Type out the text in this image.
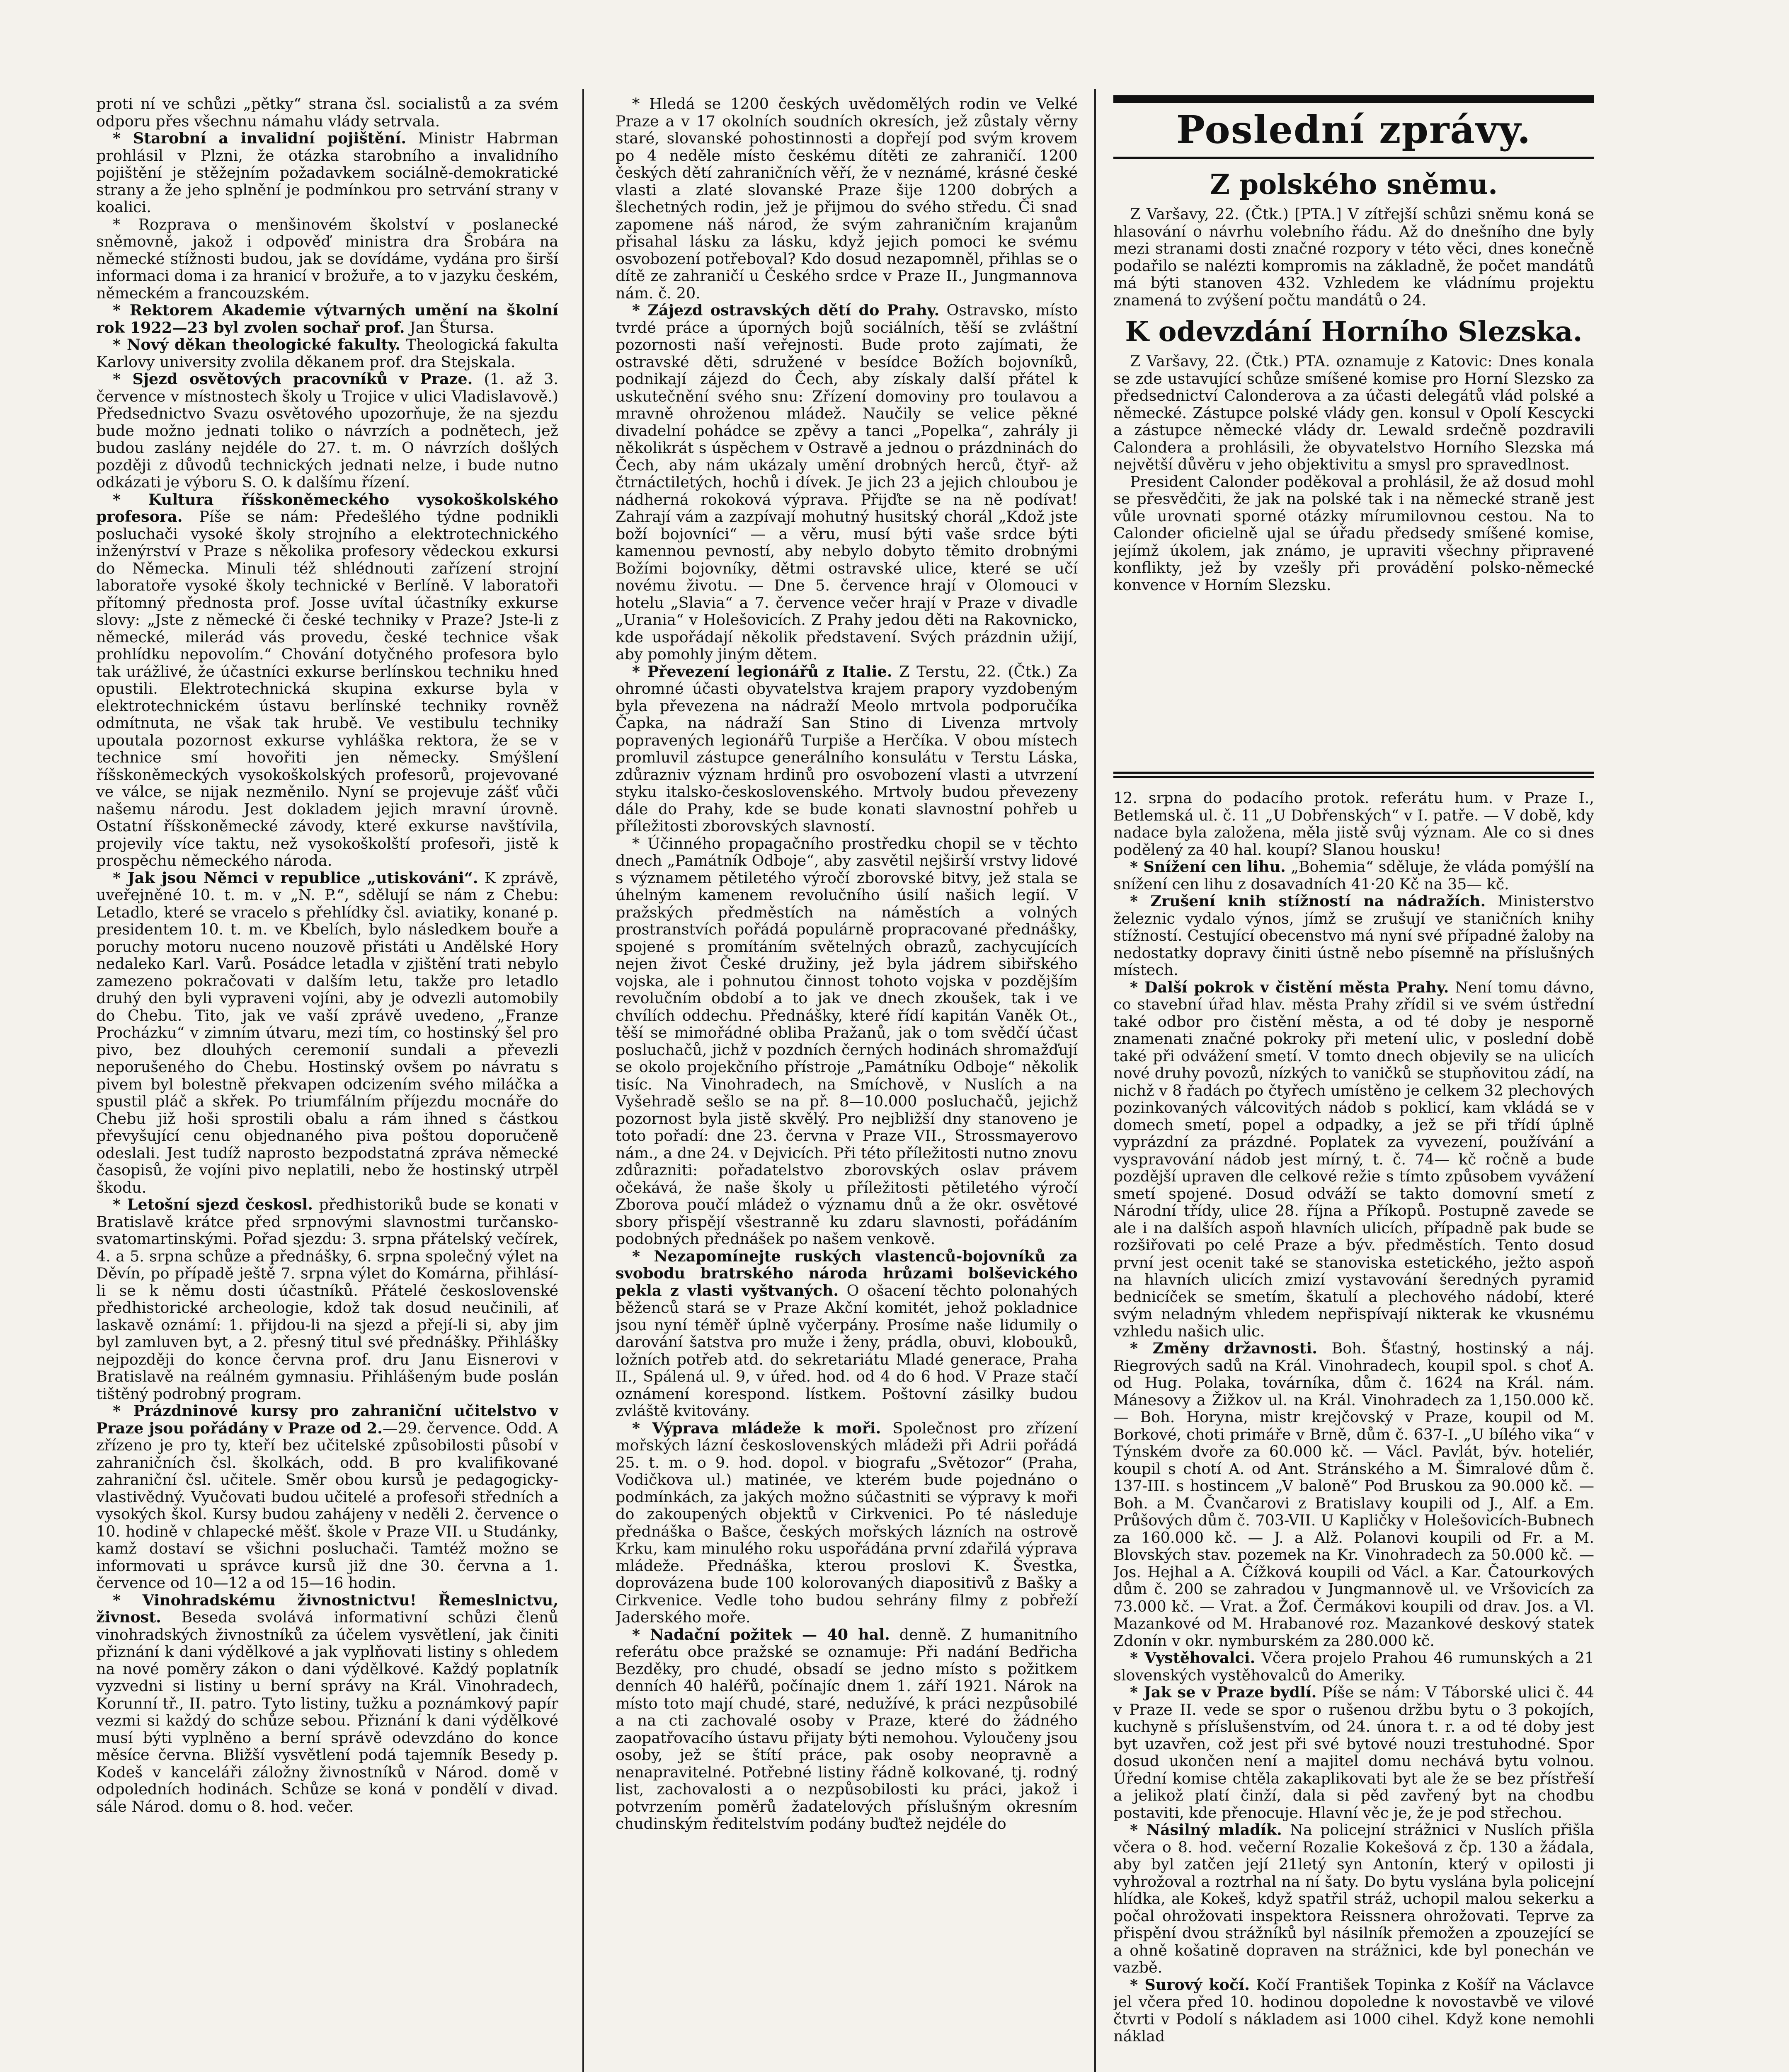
proti ní ve schůzi „pětky“ strana čsl. socialistů a za svém odporu přes všechnu námahu vlády setrvala.

* Starobní a invalidní pojištění. Ministr Habrman prohlásil v Plzni, že otázka starobního a invalidního pojištění je stěžejním požadavkem sociálně-demokratické strany a že jeho splnění je podmínkou pro setrvání strany v koalici.

* Rozprava o menšinovém školství v poslanecké sněmovně, jakož i odpověď ministra dra Šrobára na německé stížnosti budou, jak se dovídáme, vydána pro širší informaci doma i za hranicí v brožuře, a to v jazyku českém, německém a francouzském.

* Rektorem Akademie výtvarných umění na školní rok 1922—23 byl zvolen sochař prof. Jan Štursa.

* Nový děkan theologické fakulty. Theologická fakulta Karlovy university zvolila děkanem prof. dra Stejskala.

* Sjezd osvětových pracovníků v Praze. (1. až 3. července v místnostech školy u Trojice v ulici Vladislavově.) Předsednictvo Svazu osvětového upozorňuje, že na sjezdu bude možno jednati toliko o návrzích a podnětech, jež budou zaslány nejdéle do 27. t. m. O návrzích došlých později z důvodů technických jednati nelze, i bude nutno odkázati je výboru S. O. k dalšímu řízení.

* Kultura říšskoněmeckého vysokoškolského profesora. Píše se nám: Předešlého týdne podnikli posluchači vysoké školy strojního a elektrotechnického inženýrství v Praze s několika profesory vědeckou exkursi do Německa. Minuli též shlédnouti zařízení strojní laboratoře vysoké školy technické v Berlíně. V laboratoři přítomný přednosta prof. Josse uvítal účastníky exkurse slovy: „Jste z německé či české techniky v Praze? Jste-li z německé, milerád vás provedu, české technice však prohlídku nepovolím.“ Chování dotyčného profesora bylo tak urážlivé, že účastníci exkurse berlínskou techniku hned opustili. Elektrotechnická skupina exkurse byla v elektrotechnickém ústavu berlínské techniky rovněž odmítnuta, ne však tak hrubě. Ve vestibulu techniky upoutala pozornost exkurse vyhláška rektora, že se v technice smí hovořiti jen německy. Smýšlení říšskoněmeckých vysokoškolských profesorů, projevované ve válce, se nijak nezměnilo. Nyní se projevuje zášť vůči našemu národu. Jest dokladem jejich mravní úrovně. Ostatní říšskoněmecké závody, které exkurse navštívila, projevily více taktu, než vysokoškolští profesoři, jistě k prospěchu německého národa.

* Jak jsou Němci v republice „utiskováni“. K zprávě, uveřejněné 10. t. m. v „N. P.“, sdělují se nám z Chebu: Letadlo, které se vracelo s přehlídky čsl. aviatiky, konané p. presidentem 10. t. m. ve Kbelích, bylo následkem bouře a poruchy motoru nuceno nouzově přistáti u Andělské Hory nedaleko Karl. Varů. Posádce letadla v zjištění trati nebylo zamezeno pokračovati v dalším letu, takže pro letadlo druhý den byli vypraveni vojíni, aby je odvezli automobily do Chebu. Tito, jak ve vaší zprávě uvedeno, „Franze Procházku“ v zimním útvaru, mezi tím, co hostinský šel pro pivo, bez dlouhých ceremonií sundali a převezli neporušeného do Chebu. Hostinský ovšem po návratu s pivem byl bolestně překvapen odcizením svého miláčka a spustil pláč a skřek. Po triumfálním příjezdu mocnáře do Chebu již hoši sprostili obalu a rám ihned s částkou převyšující cenu objednaného piva poštou doporučeně odeslali. Jest tudíž naprosto bezpodstatná zpráva německé časopisů, že vojíni pivo neplatili, nebo že hostinský utrpěl škodu.

* Letošní sjezd českosl. předhistoriků bude se konati v Bratislavě krátce před srpnovými slavnostmi turčansko-svatomartinskými. Pořad sjezdu: 3. srpna přátelský večírek, 4. a 5. srpna schůze a přednášky, 6. srpna společný výlet na Děvín, po případě ještě 7. srpna výlet do Komárna, přihlásí-li se k němu dosti účastníků. Přátelé československé předhistorické archeologie, kdož tak dosud neučinili, ať laskavě oznámí: 1. přijdou-li na sjezd a přejí-li si, aby jim byl zamluven byt, a 2. přesný titul své přednášky. Přihlášky nejpozději do konce června prof. dru Janu Eisnerovi v Bratislavě na reálném gymnasiu. Přihlášeným bude poslán tištěný podrobný program.

* Prázdninové kursy pro zahraniční učitelstvo v Praze jsou pořádány v Praze od 2.—29. července. Odd. A zřízeno je pro ty, kteří bez učitelské způsobilosti působí v zahraničních čsl. školkách, odd. B pro kvalifikované zahraniční čsl. učitele. Směr obou kursů je pedagogicky-vlastivědný. Vyučovati budou učitelé a profesoři středních a vysokých škol. Kursy budou zahájeny v neděli 2. července o 10. hodině v chlapecké měšť. škole v Praze VII. u Studánky, kamž dostaví se všichni posluchači. Tamtéž možno se informovati u správce kursů již dne 30. června a 1. července od 10—12 a od 15—16 hodin.

* Vinohradskému živnostnictvu! Řemeslnictvu, živnost. Beseda svolává informativní schůzi členů vinohradských živnostníků za účelem vysvětlení, jak činiti přiznání k dani výdělkové a jak vyplňovati listiny s ohledem na nové poměry zákon o dani výdělkové. Každý poplatník vyzvedni si listiny u berní správy na Král. Vinohradech, Korunní tř., II. patro. Tyto listiny, tužku a poznámkový papír vezmi si každý do schůze sebou. Přiznání k dani výdělkové musí býti vyplněno a berní správě odevzdáno do konce měsíce června. Bližší vysvětlení podá tajemník Besedy p. Kodeš v kanceláři záložny živnostníků v Národ. domě v odpoledních hodinách. Schůze se koná v pondělí v divad. sále Národ. domu o 8. hod. večer.

* Hledá se 1200 českých uvědomělých rodin ve Velké Praze a v 17 okolních soudních okresích, jež zůstaly věrny staré, slovanské pohostinnosti a dopřejí pod svým krovem po 4 neděle místo českému dítěti ze zahraničí. 1200 českých dětí zahraničních věří, že v neznámé, krásné české vlasti a zlaté slovanské Praze šije 1200 dobrých a šlechetných rodin, jež je přijmou do svého středu. Či snad zapomene náš národ, že svým zahraničním krajanům přisahal lásku za lásku, když jejich pomoci ke svému osvobození potřeboval? Kdo dosud nezapomněl, přihlas se o dítě ze zahraničí u Českého srdce v Praze II., Jungmannova nám. č. 20.

* Zájezd ostravských dětí do Prahy. Ostravsko, místo tvrdé práce a úporných bojů sociálních, těší se zvláštní pozornosti naší veřejnosti. Bude proto zajímati, že ostravské děti, sdružené v besídce Božích bojovníků, podnikají zájezd do Čech, aby získaly další přátel k uskutečnění svého snu: Zřízení domoviny pro toulavou a mravně ohroženou mládež. Naučily se velice pěkné divadelní pohádce se zpěvy a tanci „Popelka“, zahrály ji několikrát s úspěchem v Ostravě a jednou o prázdninách do Čech, aby nám ukázaly umění drobných herců, čtyř- až čtrnáctiletých, hochů i dívek. Je jich 23 a jejich chloubou je nádherná rokoková výprava. Přijďte se na ně podívat! Zahrají vám a zazpívají mohutný husitský chorál „Kdož jste boží bojovníci“ — a věru, musí býti vaše srdce býti kamennou pevností, aby nebylo dobyto těmito drobnými Božími bojovníky, dětmi ostravské ulice, které se učí novému životu. — Dne 5. července hrají v Olomouci v hotelu „Slavia“ a 7. července večer hrají v Praze v divadle „Urania“ v Holešovicích. Z Prahy jedou děti na Rakovnicko, kde uspořádají několik představení. Svých prázdnin užijí, aby pomohly jiným dětem.

* Převezení legionářů z Italie. Z Terstu, 22. (Čtk.) Za ohromné účasti obyvatelstva krajem prapory vyzdobeným byla převezena na nádraží Meolo mrtvola podporučíka Čapka, na nádraží San Stino di Livenza mrtvoly popravených legionářů Turpiše a Herčíka. V obou místech promluvil zástupce generálního konsulátu v Terstu Láska, zdůrazniv význam hrdinů pro osvobození vlasti a utvrzení styku italsko-československého. Mrtvoly budou převezeny dále do Prahy, kde se bude konati slavnostní pohřeb u příležitosti zborovských slavností.

* Účinného propagačního prostředku chopil se v těchto dnech „Památník Odboje“, aby zasvětil nejširší vrstvy lidové s významem pětiletého výročí zborovské bitvy, jež stala se úhelným kamenem revolučního úsilí našich legií. V pražských předměstích na náměstích a volných prostranstvích pořádá populárně propracované přednášky, spojené s promítáním světelných obrazů, zachycujících nejen život České družiny, jež byla jádrem sibiřského vojska, ale i pohnutou činnost tohoto vojska v pozdějším revolučním období a to jak ve dnech zkoušek, tak i ve chvílích oddechu. Přednášky, které řídí kapitán Vaněk Ot., těší se mimořádné obliba Pražanů, jak o tom svědčí účast posluchačů, jichž v pozdních černých hodinách shromažďují se okolo projekčního přístroje „Památníku Odboje“ několik tisíc. Na Vinohradech, na Smíchově, v Nuslích a na Vyšehradě sešlo se na př. 8—10.000 posluchačů, jejichž pozornost byla jistě skvělý. Pro nejbližší dny stanoveno je toto pořadí: dne 23. června v Praze VII., Strossmayerovo nám., a dne 24. v Dejvicích. Při této příležitosti nutno znovu zdůrazniti: pořadatelstvo zborovských oslav právem očekává, že naše školy u příležitosti pětiletého výročí Zborova poučí mládež o významu dnů a že okr. osvětové sbory přispějí všestranně ku zdaru slavnosti, pořádáním podobných přednášek po našem venkově.

* Nezapomínejte ruských vlastenců-bojovníků za svobodu bratrského národa hrůzami bolševického pekla z vlasti vyštvaných. O ošacení těchto polonahých běženců stará se v Praze Akční komitét, jehož pokladnice jsou nyní téměř úplně vyčerpány. Prosíme naše lidumily o darování šatstva pro muže i ženy, prádla, obuvi, klobouků, ložních potřeb atd. do sekretariátu Mladé generace, Praha II., Spálená ul. 9, v úřed. hod. od 4 do 6 hod. V Praze stačí oznámení korespond. lístkem. Poštovní zásilky budou zvláště kvitovány.

* Výprava mládeže k moři. Společnost pro zřízení mořských lázní československých mládeži při Adrii pořádá 25. t. m. o 9. hod. dopol. v biografu „Světozor“ (Praha, Vodičkova ul.) matinée, ve kterém bude pojednáno o podmínkách, za jakých možno súčastniti se výpravy k moři do zakoupených objektů v Cirkvenici. Po té následuje přednáška o Bašce, českých mořských lázních na ostrově Krku, kam minulého roku uspořádána první zdařilá výprava mládeže. Přednáška, kterou proslovi K. Švestka, doprovázena bude 100 kolorovaných diapositivů z Bašky a Cirkvenice. Vedle toho budou sehrány filmy z pobřeží Jaderského moře.

* Nadační požitek — 40 hal. denně. Z humanitního referátu obce pražské se oznamuje: Při nadání Bedřicha Bezděky, pro chudé, obsadí se jedno místo s požitkem denních 40 haléřů, počínajíc dnem 1. září 1921. Nárok na místo toto mají chudé, staré, nedužívé, k práci nezpůsobilé a na cti zachovalé osoby v Praze, které do žádného zaopatřovacího ústavu přijaty býti nemohou. Vyloučeny jsou osoby, jež se štítí práce, pak osoby neopravně a nenapravitelné. Potřebné listiny řádně kolkované, tj. rodný list, zachovalosti a o nezpůsobilosti ku práci, jakož i potvrzením poměrů žadatelových příslušným okresním chudinským ředitelstvím podány buďtež nejdéle do

Poslední zprávy.
Z polského sněmu.

Z Varšavy, 22. (Čtk.) [PTA.] V zítřejší schůzi sněmu koná se hlasování o návrhu volebního řádu. Až do dnešního dne byly mezi stranami dosti značné rozpory v této věci, dnes konečně podařilo se nalézti kompromis na základně, že počet mandátů má býti stanoven 432. Vzhledem ke vládnímu projektu znamená to zvýšení počtu mandátů o 24.

K odevzdání Horního Slezska.

Z Varšavy, 22. (Čtk.) PTA. oznamuje z Katovic: Dnes konala se zde ustavující schůze smíšené komise pro Horní Slezsko za předsednictví Calonderova a za účasti delegátů vlád polské a německé. Zástupce polské vlády gen. konsul v Opolí Kescycki a zástupce německé vlády dr. Lewald srdečně pozdravili Calondera a prohlásili, že obyvatelstvo Horního Slezska má největší důvěru v jeho objektivitu a smysl pro spravedlnost.

President Calonder poděkoval a prohlásil, že až dosud mohl se přesvědčiti, že jak na polské tak i na německé straně jest vůle urovnati sporné otázky mírumilovnou cestou. Na to Calonder oficielně ujal se úřadu předsedy smíšené komise, jejímž úkolem, jak známo, je upraviti všechny připravené konflikty, jež by vzešly při provádění polsko-německé konvence v Horním Slezsku.

12. srpna do podacího protok. referátu hum. v Praze I., Betlemská ul. č. 11 „U Dobřenských“ v I. patře. — V době, kdy nadace byla založena, měla jistě svůj význam. Ale co si dnes podělený za 40 hal. koupí? Slanou housku!

* Snížení cen lihu. „Bohemia“ sděluje, že vláda pomýšlí na snížení cen lihu z dosavadních 41·20 Kč na 35— kč.

* Zrušení knih stížností na nádražích. Ministerstvo železnic vydalo výnos, jímž se zrušují ve staničních knihy stížností. Cestující obecenstvo má nyní své případné žaloby na nedostatky dopravy činiti ústně nebo písemně na příslušných místech.

* Další pokrok v čistění města Prahy. Není tomu dávno, co stavební úřad hlav. města Prahy zřídil si ve svém ústřední také odbor pro čistění města, a od té doby je nesporně znamenati značné pokroky při metení ulic, v poslední době také při odvážení smetí. V tomto dnech objevily se na ulicích nové druhy povozů, nízkých to vaničků se stupňovitou zádí, na nichž v 8 řadách po čtyřech umístěno je celkem 32 plechových pozinkovaných válcovitých nádob s poklicí, kam vkládá se v domech smetí, popel a odpadky, a jež se při třídí úplně vyprázdní za prázdné. Poplatek za vyvezení, používání a vyspravování nádob jest mírný, t. č. 74— kč ročně a bude pozdější upraven dle celkové režie s tímto způsobem vyvážení smetí spojené. Dosud odváží se takto domovní smetí z Národní třídy, ulice 28. října a Příkopů. Postupně zavede se ale i na dalších aspoň hlavních ulicích, případně pak bude se rozšiřovati po celé Praze a býv. předměstích. Tento dosud první jest ocenit také se stanoviska estetického, ježto aspoň na hlavních ulicích zmizí vystavování šeredných pyramid bednicíček se smetím, škatulí a plechového nádobí, které svým neladným vhledem nepřispívají nikterak ke vkusnému vzhledu našich ulic.

* Změny državnosti. Boh. Šťastný, hostinský a náj. Riegrových sadů na Král. Vinohradech, koupil spol. s choť A. od Hug. Polaka, továrníka, dům č. 1624 na Král. nám. Mánesovy a Žižkov ul. na Král. Vinohradech za 1,150.000 kč. — Boh. Horyna, mistr krejčovský v Praze, koupil od M. Borkové, choti primáře v Brně, dům č. 637-I. „U bílého vika“ v Týnském dvoře za 60.000 kč. — Václ. Pavlát, býv. hoteliér, koupil s chotí A. od Ant. Stránského a M. Šimralové dům č. 137-III. s hostincem „V baloně“ Pod Bruskou za 90.000 kč. — Boh. a M. Čvančarovi z Bratislavy koupili od J., Alf. a Em. Průšových dům č. 703-VII. U Kapličky v Holešovicích-Bubnech za 160.000 kč. — J. a Alž. Polanovi koupili od Fr. a M. Blovských stav. pozemek na Kr. Vinohradech za 50.000 kč. — Jos. Hejhal a A. Čížková koupili od Václ. a Kar. Čatourkových dům č. 200 se zahradou v Jungmannově ul. ve Vršovicích za 73.000 kč. — Vrat. a Žof. Čermákovi koupili od drav. Jos. a Vl. Mazankové od M. Hrabanové roz. Mazankové deskový statek Zdonín v okr. nymburském za 280.000 kč.

* Vystěhovalci. Včera projelo Prahou 46 rumunských a 21 slovenských vystěhovalců do Ameriky.

* Jak se v Praze bydlí. Píše se nám: V Táborské ulici č. 44 v Praze II. vede se spor o rušenou držbu bytu o 3 pokojích, kuchyně s příslušenstvím, od 24. února t. r. a od té doby jest byt uzavřen, což jest při své bytové nouzi trestuhodné. Spor dosud ukončen není a majitel domu nechává bytu volnou. Úřední komise chtěla zakaplikovati byt ale že se bez přístřeší a jelikož platí činží, dala si pěd zavřený byt na chodbu postaviti, kde přenocuje. Hlavní věc je, že je pod střechou.

* Násilný mladík. Na policejní strážnici v Nuslích přišla včera o 8. hod. večerní Rozalie Kokešová z čp. 130 a žádala, aby byl zatčen její 21letý syn Antonín, který v opilosti ji vyhrožoval a roztrhal na ní šaty. Do bytu vyslána byla policejní hlídka, ale Kokeš, když spatřil stráž, uchopil malou sekerku a počal ohrožovati inspektora Reissnera ohrožovati. Teprve za přispění dvou strážníků byl násilník přemožen a zpouzející se a ohně košatině dopraven na strážnici, kde byl ponechán ve vazbě.

* Surový kočí. Kočí František Topinka z Košíř na Václavce jel včera před 10. hodinou dopoledne k novostavbě ve vilové čtvrti v Podolí s nákladem asi 1000 cihel. Když kone nemohli náklad
